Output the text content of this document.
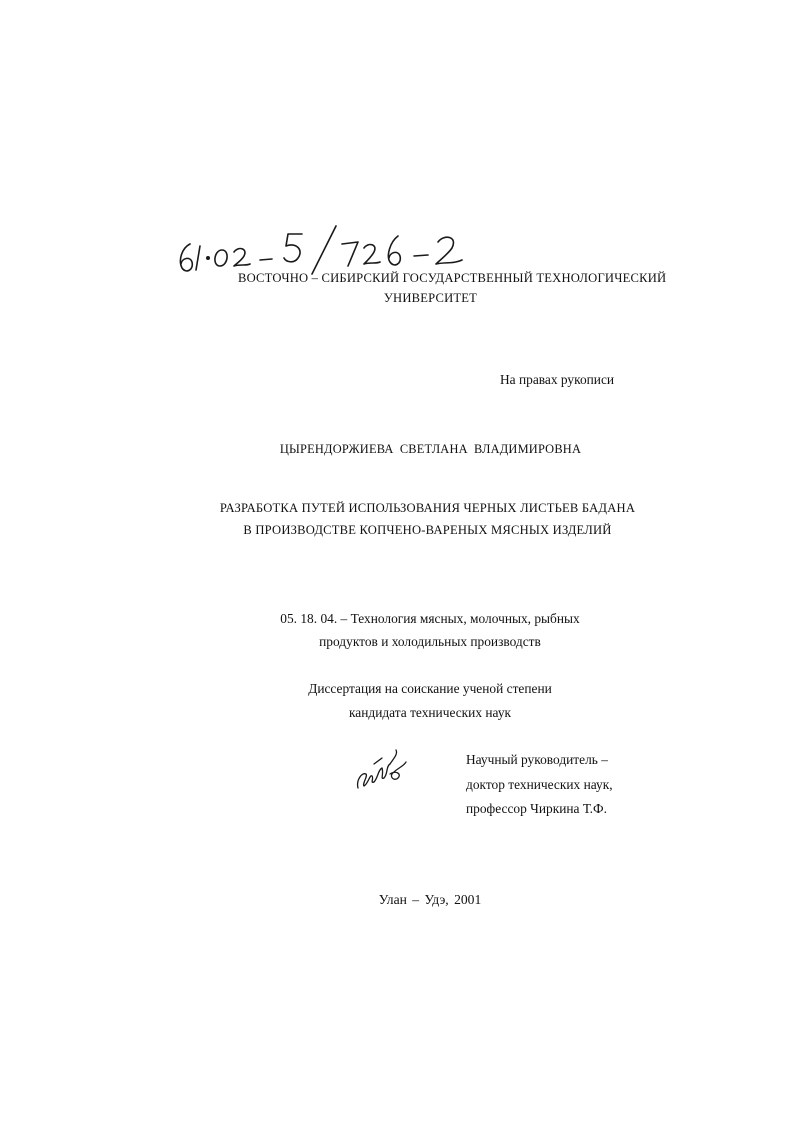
ВОСТОЧНО – СИБИРСКИЙ ГОСУДАРСТВЕННЫЙ ТЕХНОЛОГИЧЕСКИЙ
УНИВЕРСИТЕТ
На правах рукописи
ЦЫРЕНДОРЖИЕВА СВЕТЛАНА ВЛАДИМИРОВНА
РАЗРАБОТКА ПУТЕЙ ИСПОЛЬЗОВАНИЯ ЧЕРНЫХ ЛИСТЬЕВ БАДАНА
В ПРОИЗВОДСТВЕ КОПЧЕНО-ВАРЕНЫХ МЯСНЫХ ИЗДЕЛИЙ
05. 18. 04. – Технология мясных, молочных, рыбных
продуктов и холодильных производств
Диссертация на соискание ученой степени
кандидата технических наук
Научный руководитель –
доктор технических наук,
профессор Чиркина Т.Ф.
Улан – Удэ, 2001
